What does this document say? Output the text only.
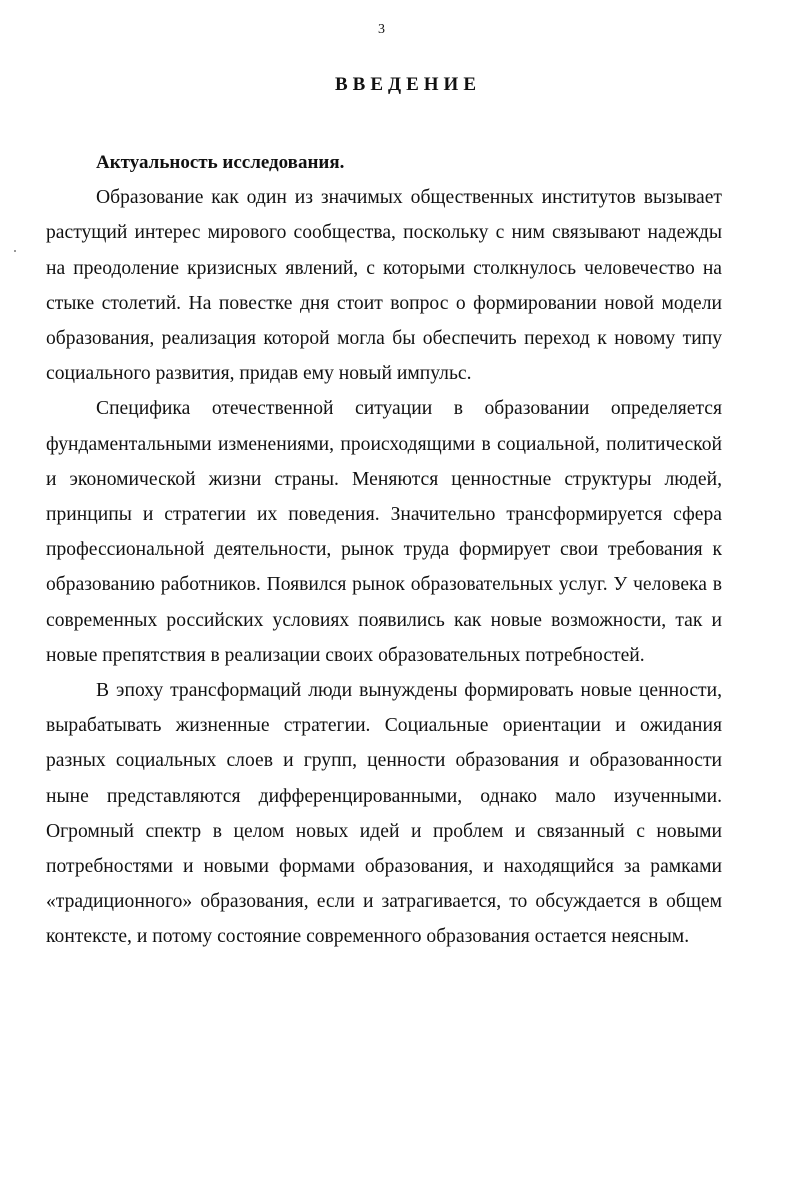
3
ВВЕДЕНИЕ

Актуальность исследования.

Образование как один из значимых общественных институтов вызывает растущий интерес мирового сообщества, поскольку с ним связывают надежды на преодоление кризисных явлений, с которыми столкнулось человечество на стыке столетий. На повестке дня стоит вопрос о формировании новой модели образования, реализация которой могла бы обеспечить переход к новому типу социального развития, придав ему новый импульс.

Специфика отечественной ситуации в образовании определяется фундаментальными изменениями, происходящими в социальной, политической и экономической жизни страны. Меняются ценностные структуры людей, принципы и стратегии их поведения. Значительно трансформируется сфера профессиональной деятельности, рынок труда формирует свои требования к образованию работников. Появился рынок образовательных услуг. У человека в современных российских условиях появились как новые возможности, так и новые препятствия в реализации своих образовательных потребностей.

В эпоху трансформаций люди вынуждены формировать новые ценности, вырабатывать жизненные стратегии. Социальные ориентации и ожидания разных социальных слоев и групп, ценности образования и образованности ныне представляются дифференцированными, однако мало изученными. Огромный спектр в целом новых идей и проблем и связанный с новыми потребностями и новыми формами образования, и находящийся за рамками «традиционного» образования, если и затрагивается, то обсуждается в общем контексте, и потому состояние современного образования остается неясным.
